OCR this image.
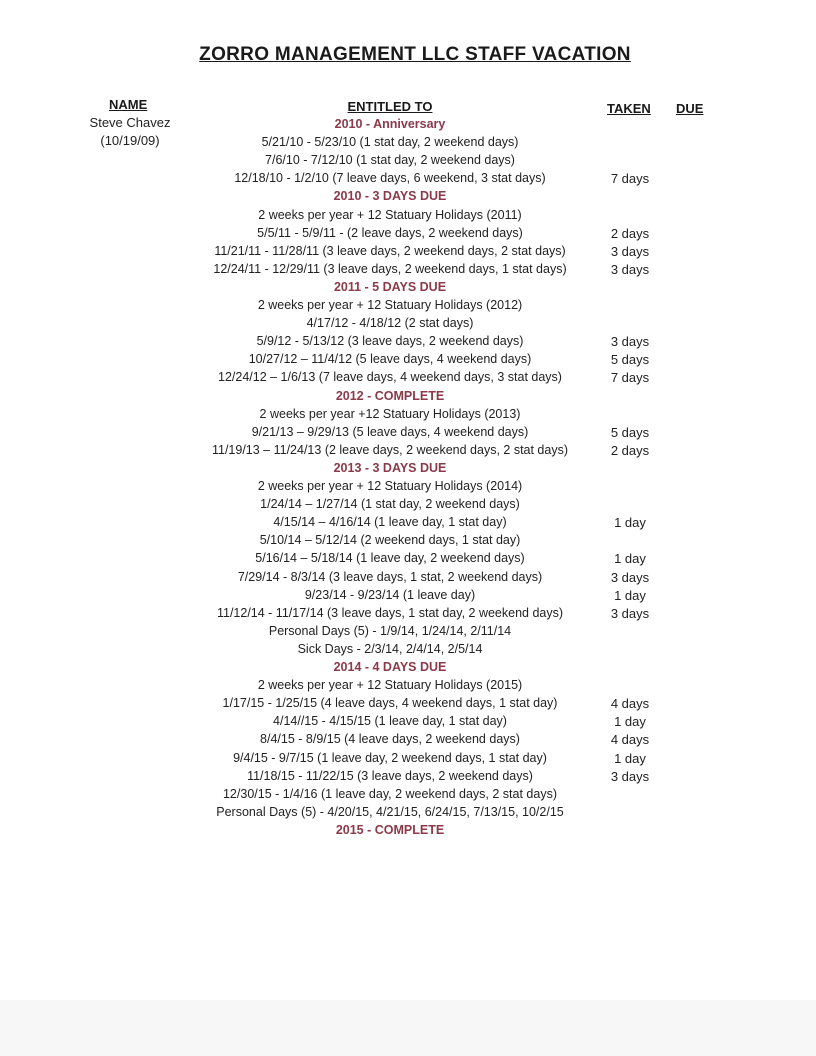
ZORRO MANAGEMENT LLC STAFF VACATION
NAME	ENTITLED TO	TAKEN DUE
Steve Chavez
(10/19/09)
2010 - Anniversary
5/21/10 - 5/23/10 (1 stat day, 2 weekend days)
7/6/10 - 7/12/10 (1 stat day, 2 weekend days)
12/18/10 - 1/2/10 (7 leave days, 6 weekend, 3 stat days)	7 days
2010 - 3 DAYS DUE
2 weeks per year + 12 Statuary Holidays (2011)
5/5/11 - 5/9/11 - (2 leave days, 2 weekend days)	2 days
11/21/11 - 11/28/11 (3 leave days, 2 weekend days, 2 stat days)	3 days
12/24/11 - 12/29/11 (3 leave days, 2 weekend days, 1 stat days)	3 days
2011 - 5 DAYS DUE
2 weeks per year + 12 Statuary Holidays (2012)
4/17/12 - 4/18/12 (2 stat days)
5/9/12 - 5/13/12 (3 leave days, 2 weekend days)	3 days
10/27/12 – 11/4/12 (5 leave days, 4 weekend days)	5 days
12/24/12 – 1/6/13 (7 leave days, 4 weekend days, 3 stat days)	7 days
2012 - COMPLETE
2 weeks per year +12 Statuary Holidays (2013)
9/21/13 – 9/29/13 (5 leave days, 4 weekend days)	5 days
11/19/13 – 11/24/13 (2 leave days, 2 weekend days, 2 stat days)	2 days
2013 - 3 DAYS DUE
2 weeks per year + 12 Statuary Holidays (2014)
1/24/14 – 1/27/14 (1 stat day, 2 weekend days)
4/15/14 – 4/16/14 (1 leave day, 1 stat day)	1 day
5/10/14 – 5/12/14 (2 weekend days, 1 stat day)
5/16/14 – 5/18/14 (1 leave day, 2 weekend days)	1 day
7/29/14 - 8/3/14 (3 leave days, 1 stat, 2 weekend days)	3 days
9/23/14 - 9/23/14 (1 leave day)	1 day
11/12/14 - 11/17/14 (3 leave days, 1 stat day, 2 weekend days)	3 days
Personal Days (5) - 1/9/14, 1/24/14, 2/11/14
Sick Days - 2/3/14, 2/4/14, 2/5/14
2014 - 4 DAYS DUE
2 weeks per year + 12 Statuary Holidays (2015)
1/17/15 - 1/25/15 (4 leave days, 4 weekend days, 1 stat day)	4 days
4/14//15 - 4/15/15 (1 leave day, 1 stat day)	1 day
8/4/15 - 8/9/15 (4 leave days, 2 weekend days)	4 days
9/4/15 - 9/7/15 (1 leave day, 2 weekend days, 1 stat day)	1 day
11/18/15 - 11/22/15 (3 leave days, 2 weekend days)	3 days
12/30/15 - 1/4/16 (1 leave day, 2 weekend days, 2 stat days)
Personal Days (5) - 4/20/15, 4/21/15, 6/24/15, 7/13/15, 10/2/15
2015 - COMPLETE
